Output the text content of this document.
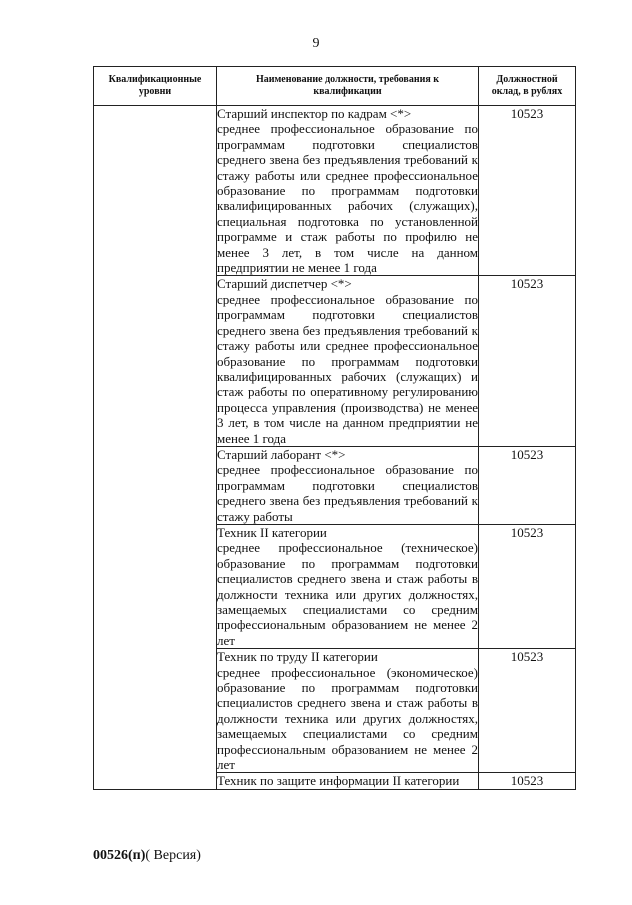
9
Квалификационные уровни	Наименование должности, требования к квалификации	Должностной оклад, в рублях

	Старший инспектор по кадрам <*>
среднее профессиональное образование по программам подготовки специалистов среднего звена без предъявления требований к стажу работы или среднее профессиональное образование по программам подготовки квалифицированных рабочих (служащих), специальная подготовка по установленной программе и стаж работы по профилю не менее 3 лет, в том числе на данном предприятии не менее 1 года	10523

	Старший диспетчер <*>
среднее профессиональное образование по программам подготовки специалистов среднего звена без предъявления требований к стажу работы или среднее профессиональное образование по программам подготовки квалифицированных рабочих (служащих) и стаж работы по оперативному регулированию процесса управления (производства) не менее 3 лет, в том числе на данном предприятии не менее 1 года	10523

	Старший лаборант <*>
среднее профессиональное образование по программам подготовки специалистов среднего звена без предъявления требований к стажу работы	10523

	Техник II категории
среднее профессиональное (техническое) образование по программам подготовки специалистов среднего звена и стаж работы в должности техника или других должностях, замещаемых специалистами со средним профессиональным образованием не менее 2 лет	10523

	Техник по труду II категории
среднее профессиональное (экономическое) образование по программам подготовки специалистов среднего звена и стаж работы в должности техника или других должностях, замещаемых специалистами со средним профессиональным образованием не менее 2 лет	10523

	Техник по защите информации II категории	10523
00526(п)( Версия)
